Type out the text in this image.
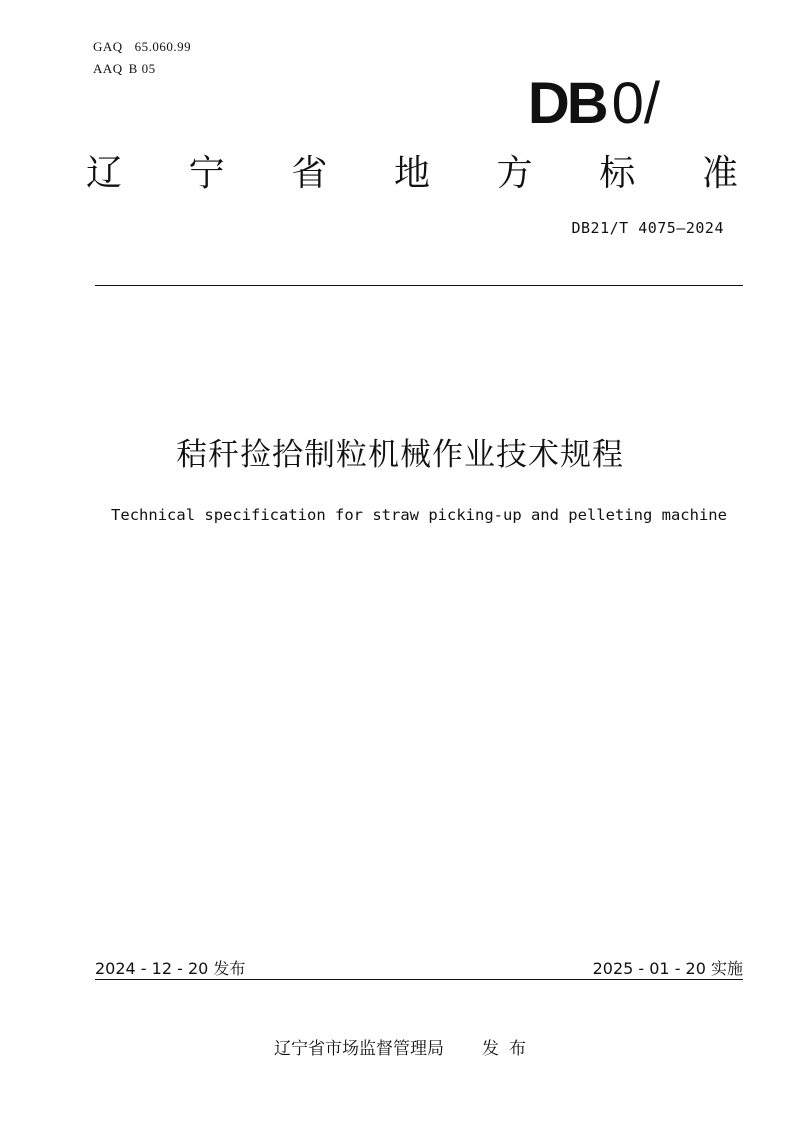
GAQ 65.060.99
AAQ B 05
DB 0/
辽 宁 省 地 方 标 准
DB21/T 4075—2024
秸秆捡拾制粒机械作业技术规程
Technical specification for straw picking-up and pelleting machine
2024 - 12 - 20 发布	2025 - 01 - 20 实施
辽宁省市场监督管理局 发布
